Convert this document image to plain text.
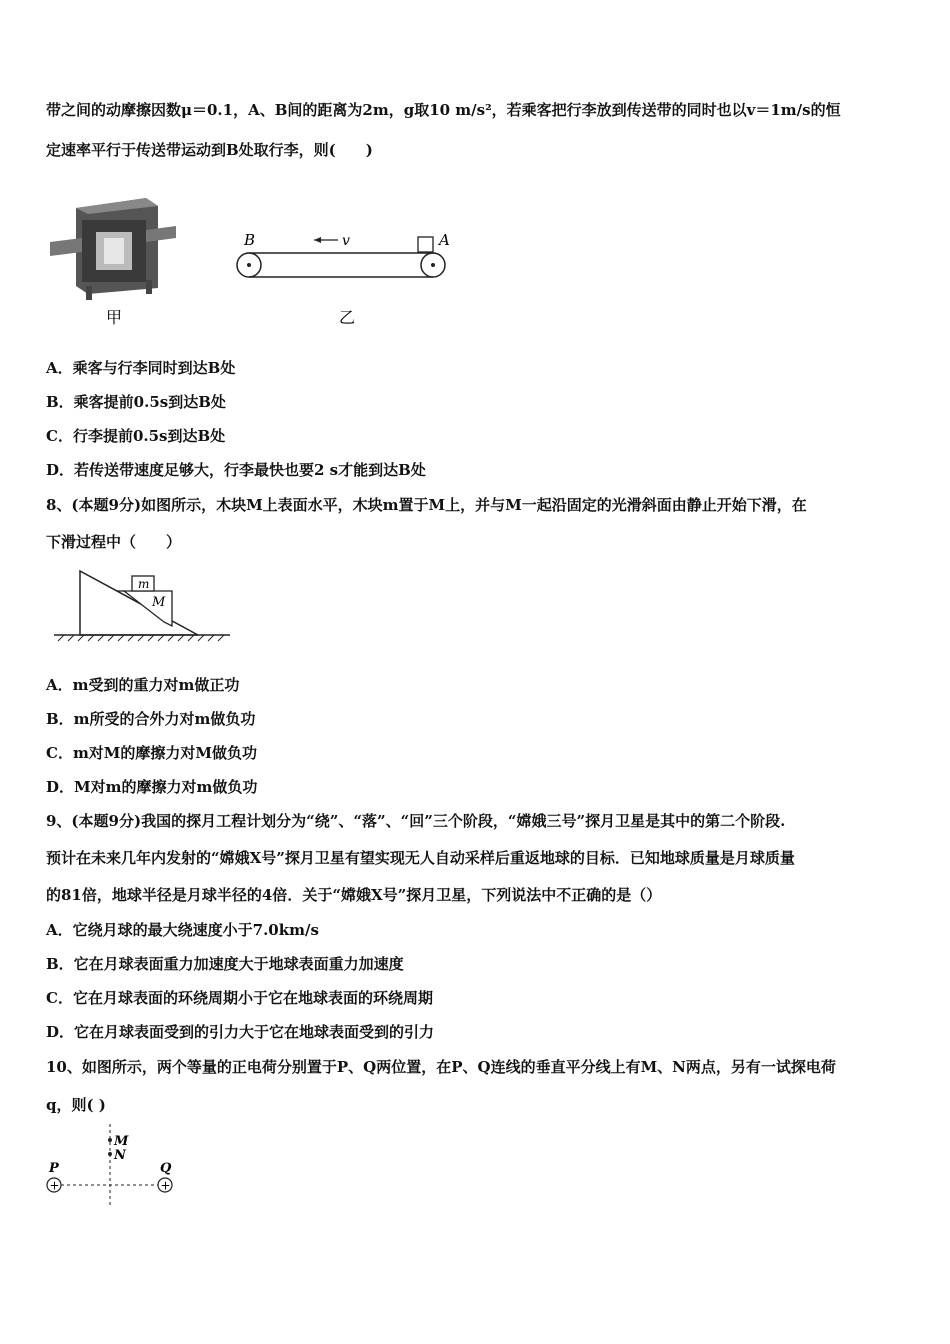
带之间的动摩擦因数μ＝0.1，A、B间的距离为2m，g取10 m/s²，若乘客把行李放到传送带的同时也以v＝1m/s的恒
定速率平行于传送带运动到B处取行李，则(　　)
甲
v
B	A
乙
A．乘客与行李同时到达B处
B．乘客提前0.5s到达B处
C．行李提前0.5s到达B处
D．若传送带速度足够大，行李最快也要2 s才能到达B处
8、(本题9分)如图所示，木块M上表面水平，木块m置于M上，并与M一起沿固定的光滑斜面由静止开始下滑，在
下滑过程中（　　）
m
M
A．m受到的重力对m做正功
B．m所受的合外力对m做负功
C．m对M的摩擦力对M做负功
D．M对m的摩擦力对m做负功
9、(本题9分)我国的探月工程计划分为“绕”、“落”、“回”三个阶段，“嫦娥三号”探月卫星是其中的第二个阶段.
预计在未来几年内发射的“嫦娥X号”探月卫星有望实现无人自动采样后重返地球的目标．已知地球质量是月球质量
的81倍，地球半径是月球半径的4倍．关于“嫦娥X号”探月卫星，下列说法中不正确的是（）
A．它绕月球的最大绕速度小于7.0km/s
B．它在月球表面重力加速度大于地球表面重力加速度
C．它在月球表面的环绕周期小于它在地球表面的环绕周期
D．它在月球表面受到的引力大于它在地球表面受到的引力
10、如图所示，两个等量的正电荷分别置于P、Q两位置，在P、Q连线的垂直平分线上有M、N两点，另有一试探电荷
q，则( )
M
N
+	+
P	Q
